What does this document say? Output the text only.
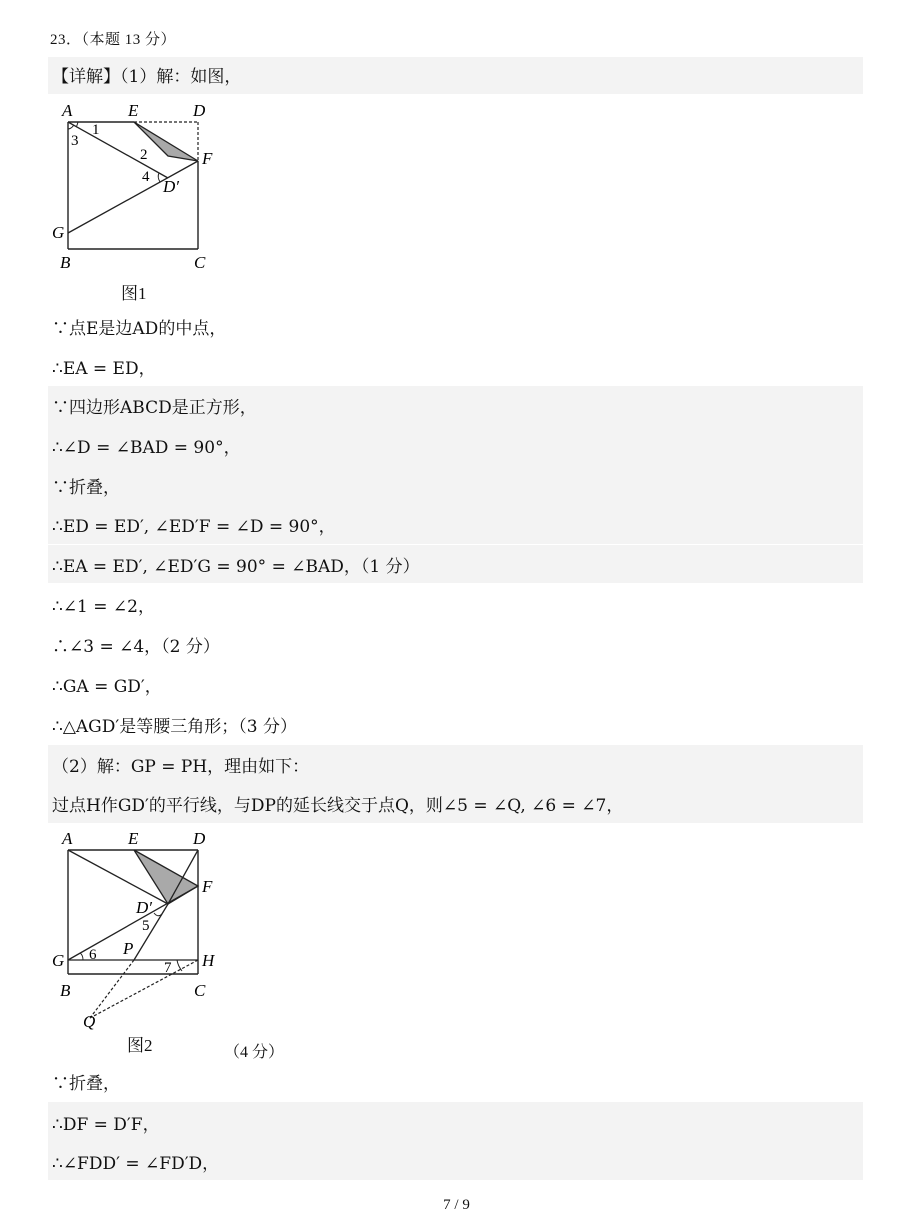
23．（本题 13 分）
【详解】（1）解：如图，
A	E	D
F
G
B	C
D′
1
2
3
4
图1
∵点E是边AD的中点，
∴EA = ED，
∵四边形ABCD是正方形，
∴∠D = ∠BAD = 90°，
∵折叠，
∴ED = ED′, ∠ED′F = ∠D = 90°，
∴EA = ED′, ∠ED′G = 90° = ∠BAD，（1 分）
∴∠1 = ∠2，
∴∠3 = ∠4，（2 分）
∴GA = GD′，
∴△AGD′是等腰三角形；（3 分）
（2）解：GP = PH，理由如下：
过点H作GD′的平行线，与DP的延长线交于点Q，则∠5 = ∠Q, ∠6 = ∠7，
A	E	D
F
D′
5
G 6 P
7 H
B	C
Q
图2	（4 分）
∵折叠，
∴DF = D′F，
∴∠FDD′ = ∠FD′D，
7 / 9
